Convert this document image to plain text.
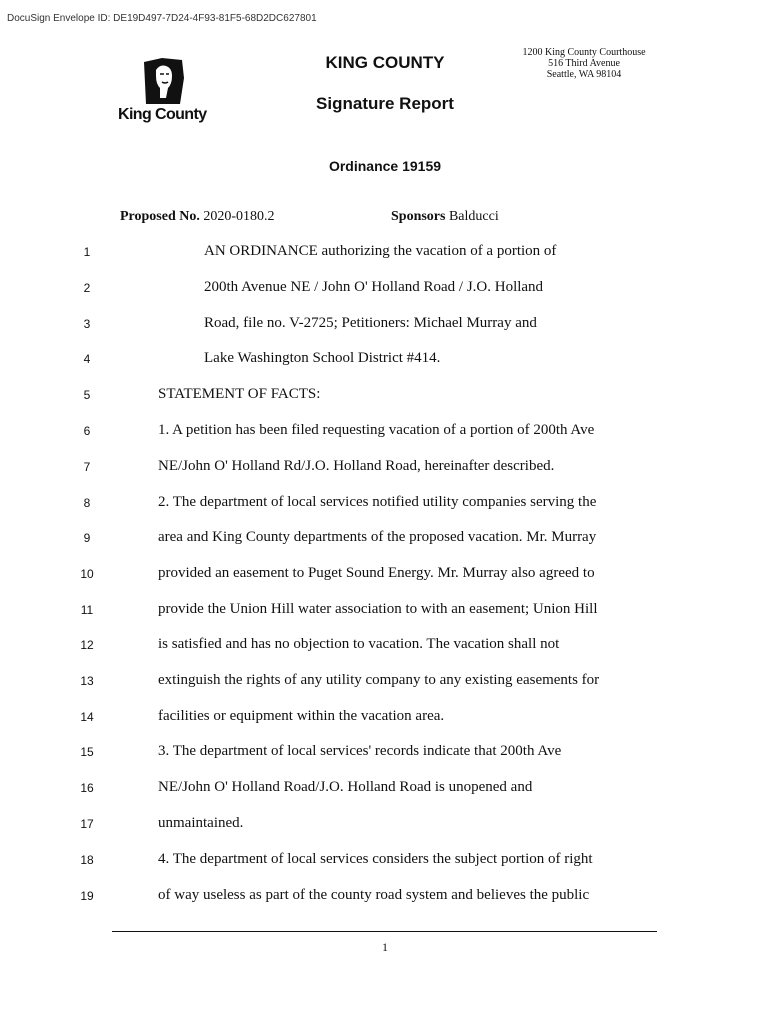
DocuSign Envelope ID: DE19D497-7D24-4F93-81F5-68D2DC627801
King County
KING COUNTY
Signature Report
1200 King County Courthouse
516 Third Avenue
Seattle, WA 98104
Ordinance 19159
Proposed No. 2020-0180.2	Sponsors Balducci
1	AN ORDINANCE authorizing the vacation of a portion of
2	200th Avenue NE / John O' Holland Road / J.O. Holland
3	Road, file no. V-2725; Petitioners: Michael Murray and
4	Lake Washington School District #414.
5	STATEMENT OF FACTS:
6	1. A petition has been filed requesting vacation of a portion of 200th Ave
7	NE/John O' Holland Rd/J.O. Holland Road, hereinafter described.
8	2. The department of local services notified utility companies serving the
9	area and King County departments of the proposed vacation. Mr. Murray
10	provided an easement to Puget Sound Energy. Mr. Murray also agreed to
11	provide the Union Hill water association to with an easement; Union Hill
12	is satisfied and has no objection to vacation. The vacation shall not
13	extinguish the rights of any utility company to any existing easements for
14	facilities or equipment within the vacation area.
15	3. The department of local services' records indicate that 200th Ave
16	NE/John O' Holland Road/J.O. Holland Road is unopened and
17	unmaintained.
18	4. The department of local services considers the subject portion of right
19	of way useless as part of the county road system and believes the public
1
